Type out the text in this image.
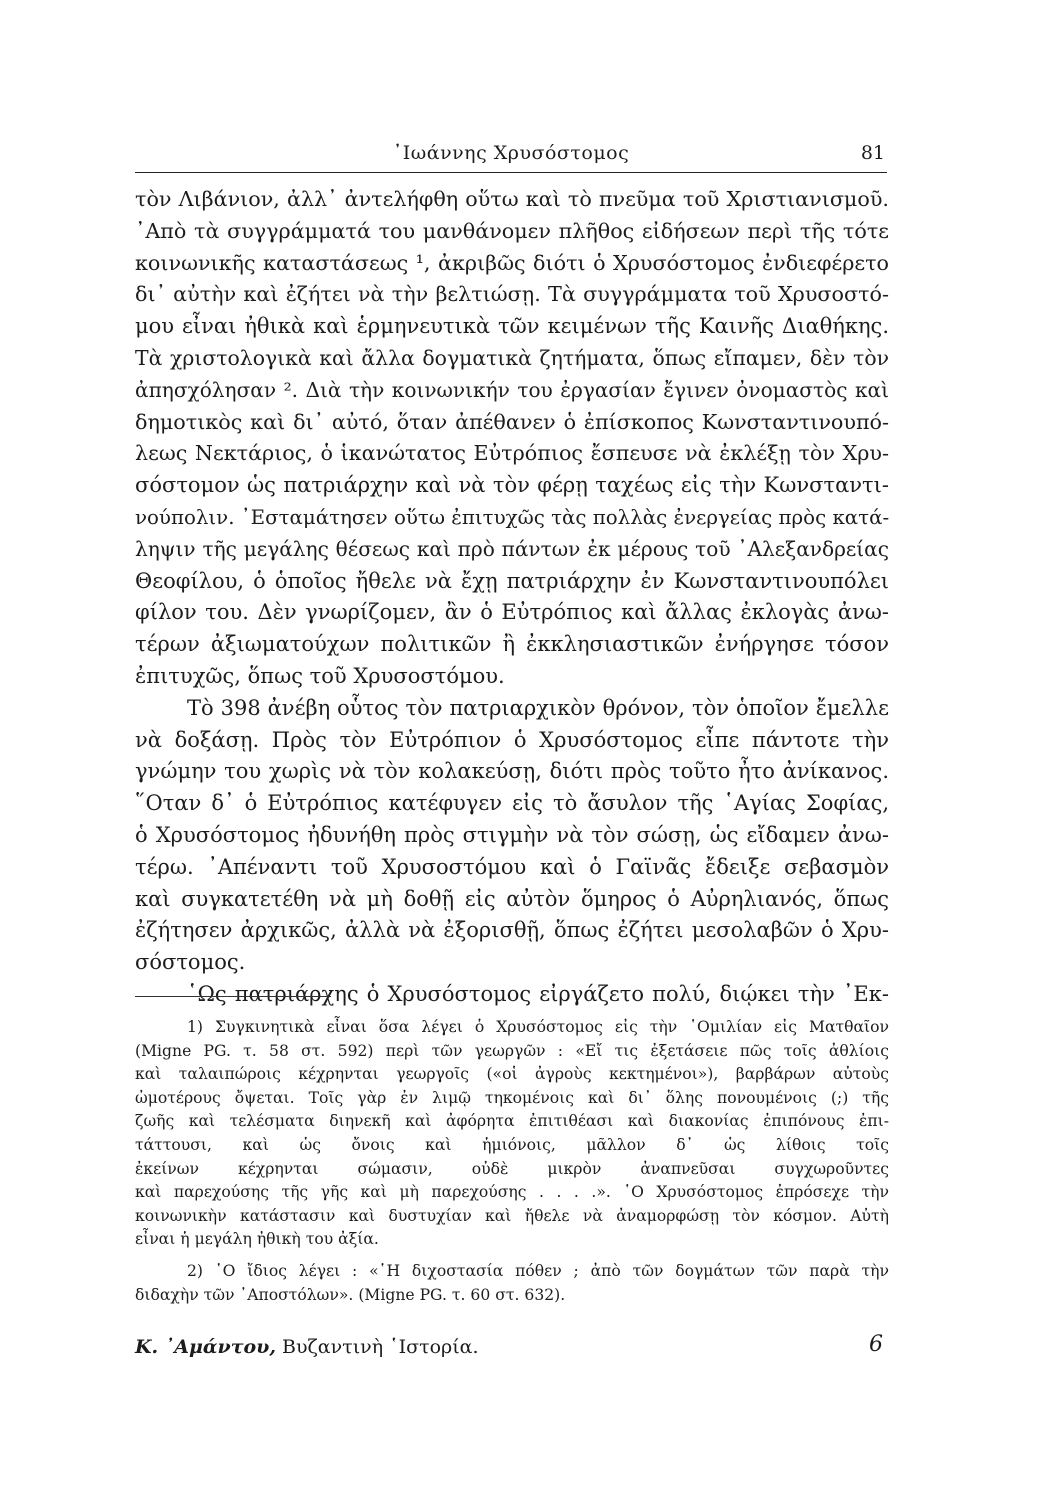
᾿Ιωάννης Χρυσόστομος	81
τὸν Λιβάνιον, ἀλλ᾿ ἀντελήφθη οὕτω καὶ τὸ πνεῦμα τοῦ Χριστιανισμοῦ.
᾿Απὸ τὰ συγγράμματά του μανθάνομεν πλῆθος εἰδήσεων περὶ τῆς τότε
κοινωνικῆς καταστάσεως ¹, ἀκριβῶς διότι ὁ Χρυσόστομος ἐνδιεφέρετο
δι᾿ αὐτὴν καὶ ἐζήτει νὰ τὴν βελτιώσῃ. Τὰ συγγράμματα τοῦ Χρυσοστό-
μου εἶναι ἠθικὰ καὶ ἑρμηνευτικὰ τῶν κειμένων τῆς Καινῆς Διαθήκης.
Τὰ χριστολογικὰ καὶ ἄλλα δογματικὰ ζητήματα, ὅπως εἴπαμεν, δὲν τὸν
ἀπησχόλησαν ². Διὰ τὴν κοινωνικήν του ἐργασίαν ἔγινεν ὀνομαστὸς καὶ
δημοτικὸς καὶ δι᾿ αὐτό, ὅταν ἀπέθανεν ὁ ἐπίσκοπος Κωνσταντινουπό-
λεως Νεκτάριος, ὁ ἱκανώτατος Εὐτρόπιος ἔσπευσε νὰ ἐκλέξῃ τὸν Χρυ-
σόστομον ὡς πατριάρχην καὶ νὰ τὸν φέρῃ ταχέως εἰς τὴν Κωνσταντι-
νούπολιν. ᾿Εσταμάτησεν οὕτω ἐπιτυχῶς τὰς πολλὰς ἐνεργείας πρὸς κατά-
ληψιν τῆς μεγάλης θέσεως καὶ πρὸ πάντων ἐκ μέρους τοῦ ᾿Αλεξανδρείας
Θεοφίλου, ὁ ὁποῖος ἤθελε νὰ ἔχῃ πατριάρχην ἐν Κωνσταντινουπόλει
φίλον του. Δὲν γνωρίζομεν, ἂν ὁ Εὐτρόπιος καὶ ἄλλας ἐκλογὰς ἀνω-
τέρων ἀξιωματούχων πολιτικῶν ἢ ἐκκλησιαστικῶν ἐνήργησε τόσον
ἐπιτυχῶς, ὅπως τοῦ Χρυσοστόμου.
Τὸ 398 ἀνέβη οὗτος τὸν πατριαρχικὸν θρόνον, τὸν ὁποῖον ἔμελλε
νὰ δοξάσῃ. Πρὸς τὸν Εὐτρόπιον ὁ Χρυσόστομος εἶπε πάντοτε τὴν
γνώμην του χωρὶς νὰ τὸν κολακεύσῃ, διότι πρὸς τοῦτο ἦτο ἀνίκανος.
῞Οταν δ᾿ ὁ Εὐτρόπιος κατέφυγεν εἰς τὸ ἄσυλον τῆς ῾Αγίας Σοφίας,
ὁ Χρυσόστομος ἠδυνήθη πρὸς στιγμὴν νὰ τὸν σώσῃ, ὡς εἴδαμεν ἀνω-
τέρω. ᾿Απέναντι τοῦ Χρυσοστόμου καὶ ὁ Γαϊνᾶς ἔδειξε σεβασμὸν
καὶ συγκατετέθη νὰ μὴ δοθῇ εἰς αὐτὸν ὅμηρος ὁ Αὐρηλιανός, ὅπως
ἐζήτησεν ἀρχικῶς, ἀλλὰ νὰ ἐξορισθῇ, ὅπως ἐζήτει μεσολαβῶν ὁ Χρυ-
σόστομος.
῾Ως πατριάρχης ὁ Χρυσόστομος εἰργάζετο πολύ, διῴκει τὴν ᾿Εκ-
1) Συγκινητικὰ εἶναι ὅσα λέγει ὁ Χρυσόστομος εἰς τὴν ῾Ομιλίαν εἰς Ματθαῖον
(Migne PG. τ. 58 στ. 592) περὶ τῶν γεωργῶν : «Εἴ τις ἐξετάσειε πῶς τοῖς ἀθλίοις
καὶ ταλαιπώροις κέχρηνται γεωργοῖς («οἱ ἀγροὺς κεκτημένοι»), βαρβάρων αὐτοὺς
ὠμοτέρους ὄψεται. Τοῖς γὰρ ἐν λιμῷ τηκομένοις καὶ δι᾿ ὅλης πονουμένοις (;) τῆς
ζωῆς καὶ τελέσματα διηνεκῆ καὶ ἀφόρητα ἐπιτιθέασι καὶ διακονίας ἐπιπόνους ἐπι-
τάττουσι, καὶ ὡς ὄνοις καὶ ἡμιόνοις, μᾶλλον δ᾿ ὡς λίθοις τοῖς
ἐκείνων κέχρηνται σώμασιν, οὐδὲ μικρὸν ἀναπνεῦσαι συγχωροῦντες
καὶ παρεχούσης τῆς γῆς καὶ μὴ παρεχούσης . . . .». ῾Ο Χρυσόστομος ἐπρόσεχε τὴν
κοινωνικὴν κατάστασιν καὶ δυστυχίαν καὶ ἤθελε νὰ ἀναμορφώσῃ τὸν κόσμον. Αὐτὴ
εἶναι ἡ μεγάλη ἠθικὴ του ἀξία.
2) ῾Ο ἴδιος λέγει : «῾Η διχοστασία πόθεν ; ἀπὸ τῶν δογμάτων τῶν παρὰ τὴν
διδαχὴν τῶν ᾿Αποστόλων». (Migne PG. τ. 60 στ. 632).
Κ. ᾿Αμάντου, Βυζαντινὴ ῾Ιστορία.	6
